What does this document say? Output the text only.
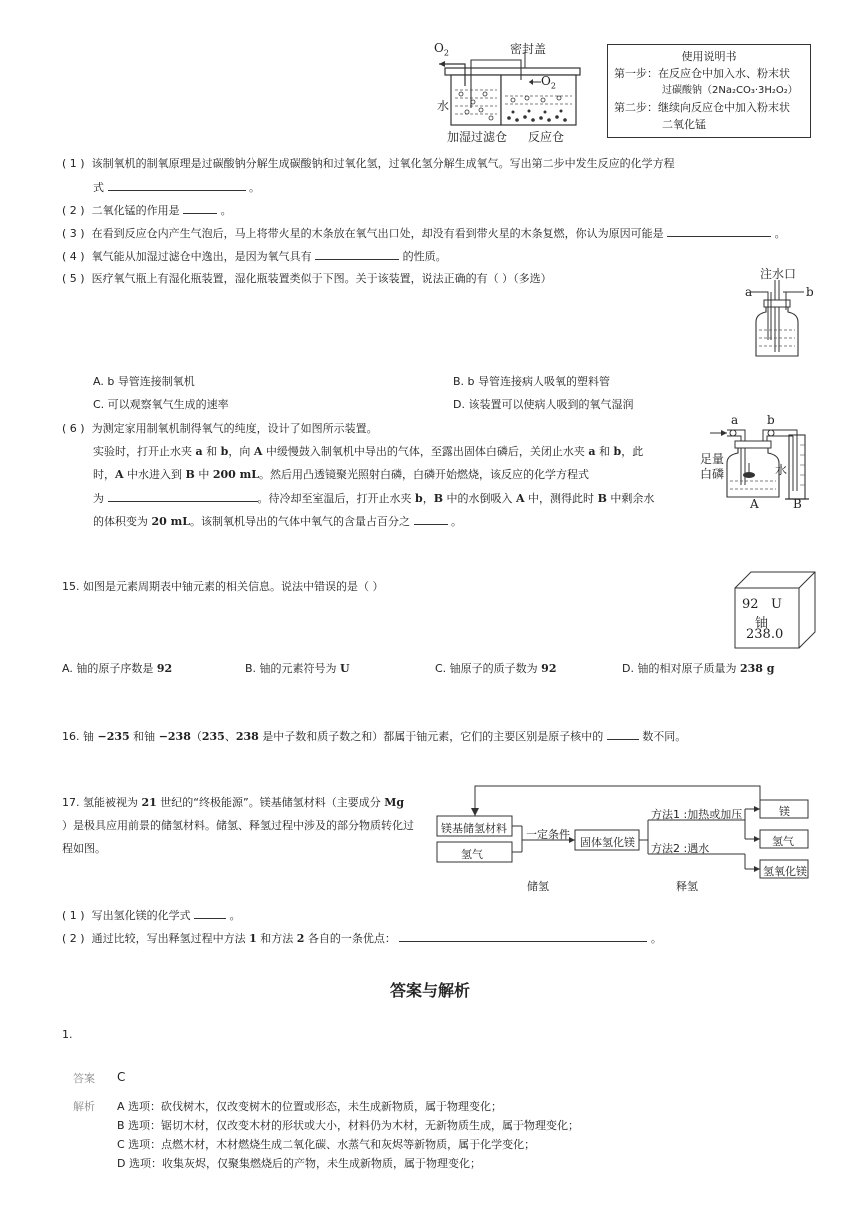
$O_2$	密封盖
$O_2$
水
加湿过滤仓 反应仓
使用说明书
第一步：在反应仓中加入水、粉末状
过碳酸钠（2Na₂CO₃·3H₂O₂）
第二步：继续向反应仓中加入粉末状
二氧化锰
( 1 ) 该制氧机的制氧原理是过碳酸钠分解生成碳酸钠和过氧化氢，过氧化氢分解生成氧气。写出第二步中发生反应的化学方程
式	。
( 2 ) 二氧化锰的作用是	。
( 3 ) 在看到反应仓内产生气泡后，马上将带火星的木条放在氧气出口处，却没有看到带火星的木条复燃，你认为原因可能是	。
( 4 ) 氧气能从加湿过滤仓中逸出，是因为氧气具有	的性质。
( 5 ) 医疗氧气瓶上有湿化瓶装置，湿化瓶装置类似于下图。关于该装置，说法正确的有（ ）（多选）	注水口
a	b
A. b 导管连接制氧机	B. b 导管连接病人吸氧的塑料管
C. 可以观察氧气生成的速率	D. 该装置可以使病人吸到的氧气湿润
( 6 ) 为测定家用制氧机制得氧气的纯度，设计了如图所示装置。
实验时，打开止水夹 a 和 b，向 A 中缓慢鼓入制氧机中导出的气体，至露出固体白磷后，关闭止水夹 a 和 b，此
时，A 中水进入到 B 中 200 mL。然后用凸透镜聚光照射白磷，白磷开始燃烧，该反应的化学方程式
为	。待冷却至室温后，打开止水夹 b，B 中的水倒吸入 A 中，测得此时 B 中剩余水
的体积变为 20 mL。该制氧机导出的气体中氧气的含量占百分之	。
a b
足量
白磷	水
A	B
15. 如图是元素周期表中铀元素的相关信息。说法中错误的是（ ）
92 U
铀
238.0
A. 铀的原子序数是 92	B. 铀的元素符号为 U	C. 铀原子的质子数为 92	D. 铀的相对原子质量为 238 g
16. 铀 −235 和铀 −238（235、238 是中子数和质子数之和）都属于铀元素，它们的主要区别是原子核中的	数不同。
17. 氢能被视为 21 世纪的“终极能源”。镁基储氢材料（主要成分 Mg
）是极具应用前景的储氢材料。储氢、释氢过程中涉及的部分物质转化过
程如图。
镁基储氢材料
氢气
一定条件
固体氢化镁
方法1 :加热或加压
方法2 :遇水
镁
氢气
氢氧化镁
储氢	释氢
( 1 ) 写出氢化镁的化学式	。
( 2 ) 通过比较，写出释氢过程中方法 1 和方法 2 各自的一条优点：	。
答案与解析
1.
答案 C
解析 A 选项：砍伐树木，仅改变树木的位置或形态，未生成新物质，属于物理变化；
B 选项：锯切木材，仅改变木材的形状或大小，材料仍为木材，无新物质生成，属于物理变化；
C 选项：点燃木材，木材燃烧生成二氧化碳、水蒸气和灰烬等新物质，属于化学变化；
D 选项：收集灰烬，仅聚集燃烧后的产物，未生成新物质，属于物理变化；
